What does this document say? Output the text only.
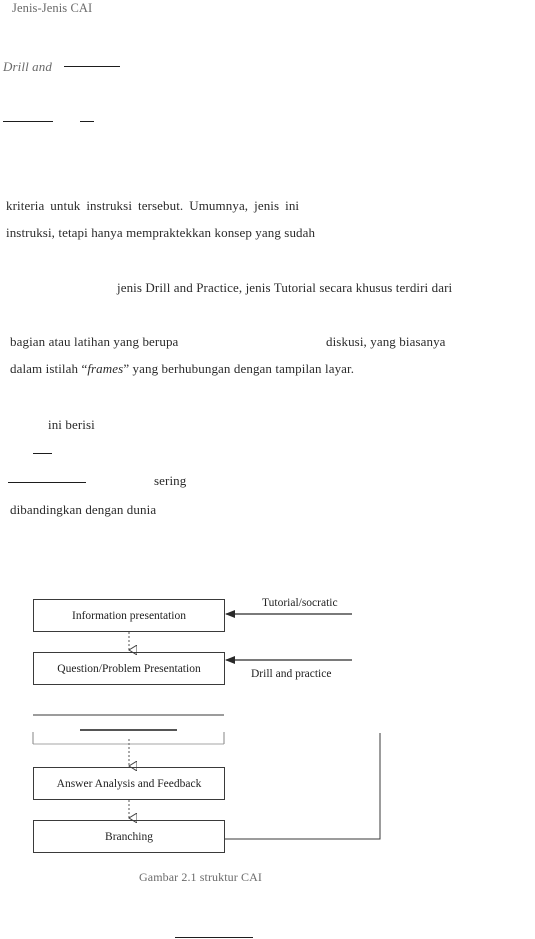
Jenis-Jenis CAI
Drill and
kriteria untuk instruksi tersebut. Umumnya, jenis ini
instruksi, tetapi hanya mempraktekkan konsep yang sudah
jenis Drill and Practice, jenis Tutorial secara khusus terdiri dari
bagian atau latihan yang berupa	diskusi, yang biasanya
dalam istilah “frames” yang berhubungan dengan tampilan layar.
ini berisi
sering
dibandingkan dengan dunia
Information presentation
Question/Problem Presentation
Answer Analysis and Feedback
Branching
Tutorial/socratic
Drill and practice
Gambar 2.1 struktur CAI
